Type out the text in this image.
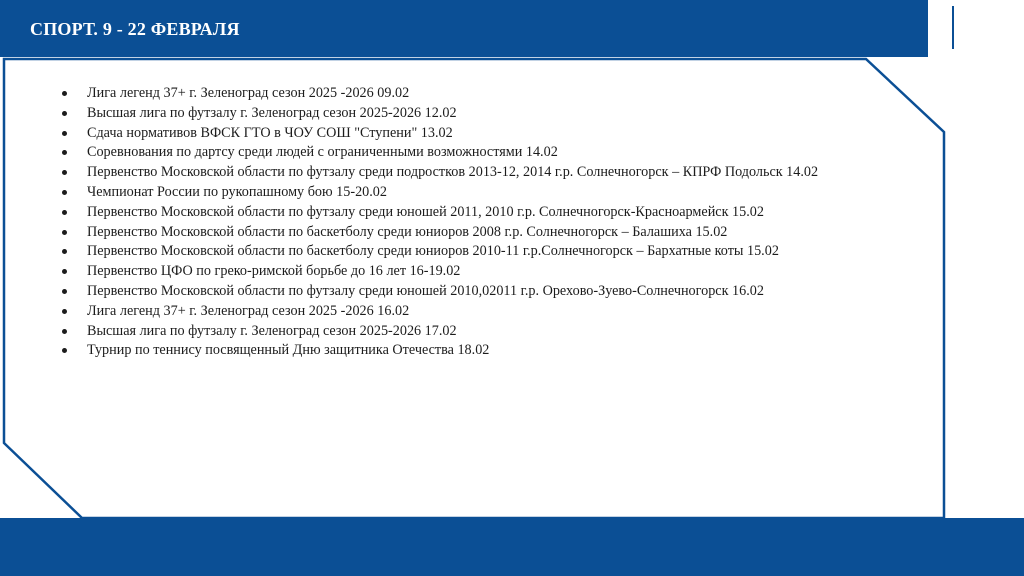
СПОРТ. 9 - 22 ФЕВРАЛЯ
Лига легенд 37+ г. Зеленоград сезон 2025 -2026 09.02
Высшая лига по футзалу г. Зеленоград сезон 2025-2026 12.02
Сдача нормативов ВФСК ГТО в ЧОУ СОШ "Ступени" 13.02
Соревнования по дартсу среди людей с ограниченными возможностями 14.02
Первенство Московской области по футзалу среди подростков 2013-12, 2014 г.р. Солнечногорск – КПРФ Подольск 14.02
Чемпионат России по рукопашному бою 15-20.02
Первенство Московской области по футзалу среди юношей 2011, 2010 г.р. Солнечногорск-Красноармейск 15.02
Первенство Московской области по баскетболу среди юниоров 2008 г.р. Солнечногорск – Балашиха 15.02
Первенство Московской области по баскетболу среди юниоров 2010-11 г.р.Солнечногорск – Бархатные коты 15.02
Первенство ЦФО по греко-римской борьбе до 16 лет 16-19.02
Первенство Московской области по футзалу среди юношей 2010,02011 г.р. Орехово-Зуево-Солнечногорск 16.02
Лига легенд 37+ г. Зеленоград сезон 2025 -2026 16.02
Высшая лига по футзалу г. Зеленоград сезон 2025-2026 17.02
Турнир по теннису посвященный Дню защитника Отечества 18.02
